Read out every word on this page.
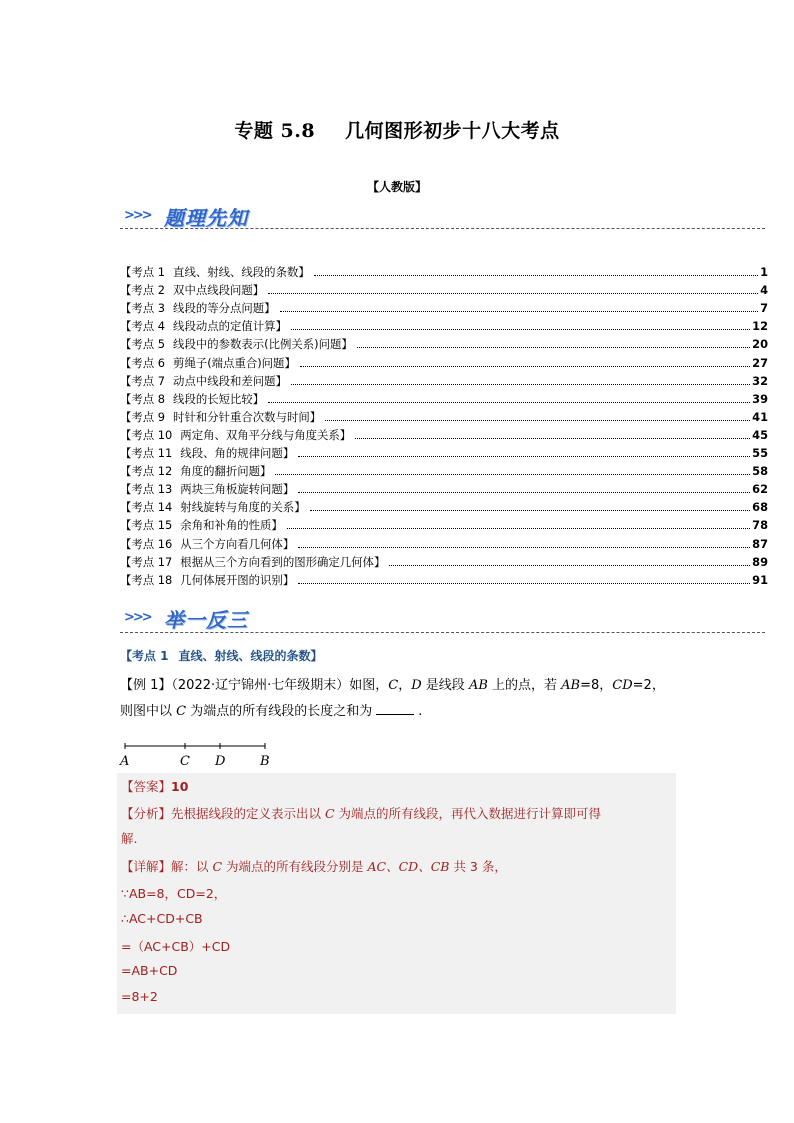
专题 5.8 几何图形初步十八大考点
【人教版】
>>> 题理先知
【考点 1 直线、射线、线段的条数】	1
【考点 2 双中点线段问题】	4
【考点 3 线段的等分点问题】	7
【考点 4 线段动点的定值计算】	12
【考点 5 线段中的参数表示(比例关系)问题】	20
【考点 6 剪绳子(端点重合)问题】	27
【考点 7 动点中线段和差问题】	32
【考点 8 线段的长短比较】	39
【考点 9 时针和分针重合次数与时间】	41
【考点 10 两定角、双角平分线与角度关系】	45
【考点 11 线段、角的规律问题】	55
【考点 12 角度的翻折问题】	58
【考点 13 两块三角板旋转问题】	62
【考点 14 射线旋转与角度的关系】	68
【考点 15 余角和补角的性质】	78
【考点 16 从三个方向看几何体】	87
【考点 17 根据从三个方向看到的图形确定几何体】	89
【考点 18 几何体展开图的识别】	91
>>> 举一反三
【考点 1 直线、射线、线段的条数】
【例 1】（2022·辽宁锦州·七年级期末）如图，C，D 是线段 AB 上的点，若 AB=8，CD=2，
则图中以 C 为端点的所有线段的长度之和为	.
A	C D	B
【答案】10
【分析】先根据线段的定义表示出以 C 为端点的所有线段，再代入数据进行计算即可得
解.
【详解】解：以 C 为端点的所有线段分别是 AC、CD、CB 共 3 条，
∵AB=8，CD=2，
∴AC+CD+CB
=（AC+CB）+CD
=AB+CD
=8+2
